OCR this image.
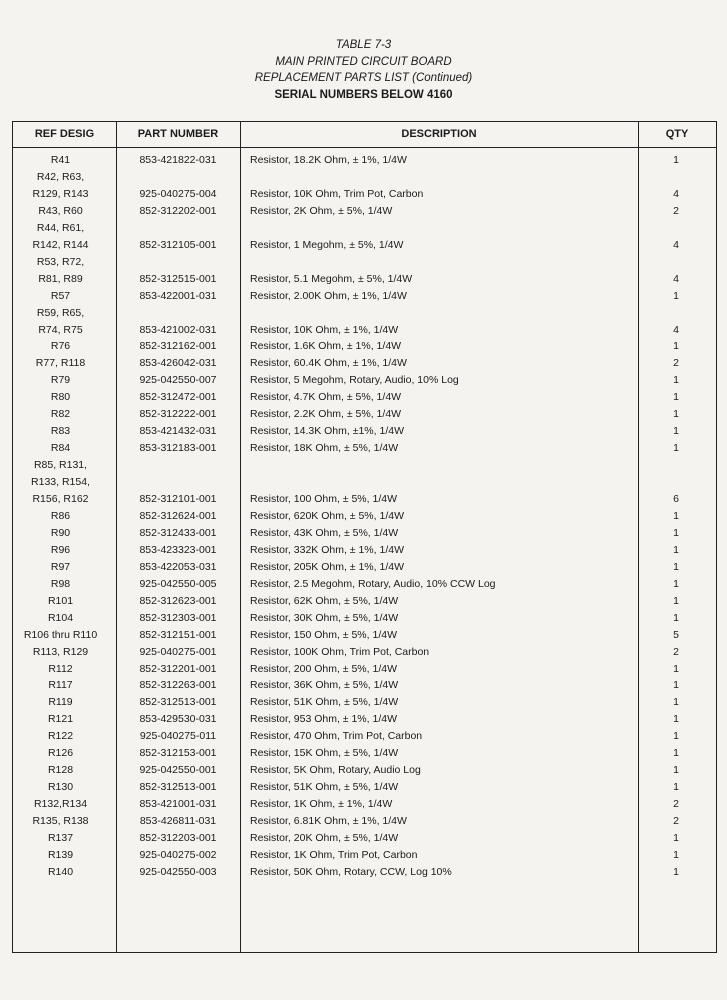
TABLE 7-3
MAIN PRINTED CIRCUIT BOARD
REPLACEMENT PARTS LIST (Continued)
SERIAL NUMBERS BELOW 4160
REF DESIG	PART NUMBER	DESCRIPTION	QTY
R41	853-421822-031	Resistor, 18.2K Ohm, ± 1%, 1/4W	1
R42, R63,
R129, R143	925-040275-004	Resistor, 10K Ohm, Trim Pot, Carbon	4
R43, R60	852-312202-001	Resistor, 2K Ohm, ± 5%, 1/4W	2
R44, R61,
R142, R144	852-312105-001	Resistor, 1 Megohm, ± 5%, 1/4W	4
R53, R72,
R81, R89	852-312515-001	Resistor, 5.1 Megohm, ± 5%, 1/4W	4
R57	853-422001-031	Resistor, 2.00K Ohm, ± 1%, 1/4W	1
R59, R65,
R74, R75	853-421002-031	Resistor, 10K Ohm, ± 1%, 1/4W	4
R76	852-312162-001	Resistor, 1.6K Ohm, ± 1%, 1/4W	1
R77, R118	853-426042-031	Resistor, 60.4K Ohm, ± 1%, 1/4W	2
R79	925-042550-007	Resistor, 5 Megohm, Rotary, Audio, 10% Log	1
R80	852-312472-001	Resistor, 4.7K Ohm, ± 5%, 1/4W	1
R82	852-312222-001	Resistor, 2.2K Ohm, ± 5%, 1/4W	1
R83	853-421432-031	Resistor, 14.3K Ohm, ±1%, 1/4W	1
R84	853-312183-001	Resistor, 18K Ohm, ± 5%, 1/4W	1
R85, R131,
R133, R154,
R156, R162	852-312101-001	Resistor, 100 Ohm, ± 5%, 1/4W	6
R86	852-312624-001	Resistor, 620K Ohm, ± 5%, 1/4W	1
R90	852-312433-001	Resistor, 43K Ohm, ± 5%, 1/4W	1
R96	853-423323-001	Resistor, 332K Ohm, ± 1%, 1/4W	1
R97	853-422053-031	Resistor, 205K Ohm, ± 1%, 1/4W	1
R98	925-042550-005	Resistor, 2.5 Megohm, Rotary, Audio, 10% CCW Log	1
R101	852-312623-001	Resistor, 62K Ohm, ± 5%, 1/4W	1
R104	852-312303-001	Resistor, 30K Ohm, ± 5%, 1/4W	1
R106 thru R110	852-312151-001	Resistor, 150 Ohm, ± 5%, 1/4W	5
R113, R129	925-040275-001	Resistor, 100K Ohm, Trim Pot, Carbon	2
R112	852-312201-001	Resistor, 200 Ohm, ± 5%, 1/4W	1
R117	852-312263-001	Resistor, 36K Ohm, ± 5%, 1/4W	1
R119	852-312513-001	Resistor, 51K Ohm, ± 5%, 1/4W	1
R121	853-429530-031	Resistor, 953 Ohm, ± 1%, 1/4W	1
R122	925-040275-011	Resistor, 470 Ohm, Trim Pot, Carbon	1
R126	852-312153-001	Resistor, 15K Ohm, ± 5%, 1/4W	1
R128	925-042550-001	Resistor, 5K Ohm, Rotary, Audio Log	1
R130	852-312513-001	Resistor, 51K Ohm, ± 5%, 1/4W	1
R132,R134	853-421001-031	Resistor, 1K Ohm, ± 1%, 1/4W	2
R135, R138	853-426811-031	Resistor, 6.81K Ohm, ± 1%, 1/4W	2
R137	852-312203-001	Resistor, 20K Ohm, ± 5%, 1/4W	1
R139	925-040275-002	Resistor, 1K Ohm, Trim Pot, Carbon	1
R140	925-042550-003	Resistor, 50K Ohm, Rotary, CCW, Log 10%	1
